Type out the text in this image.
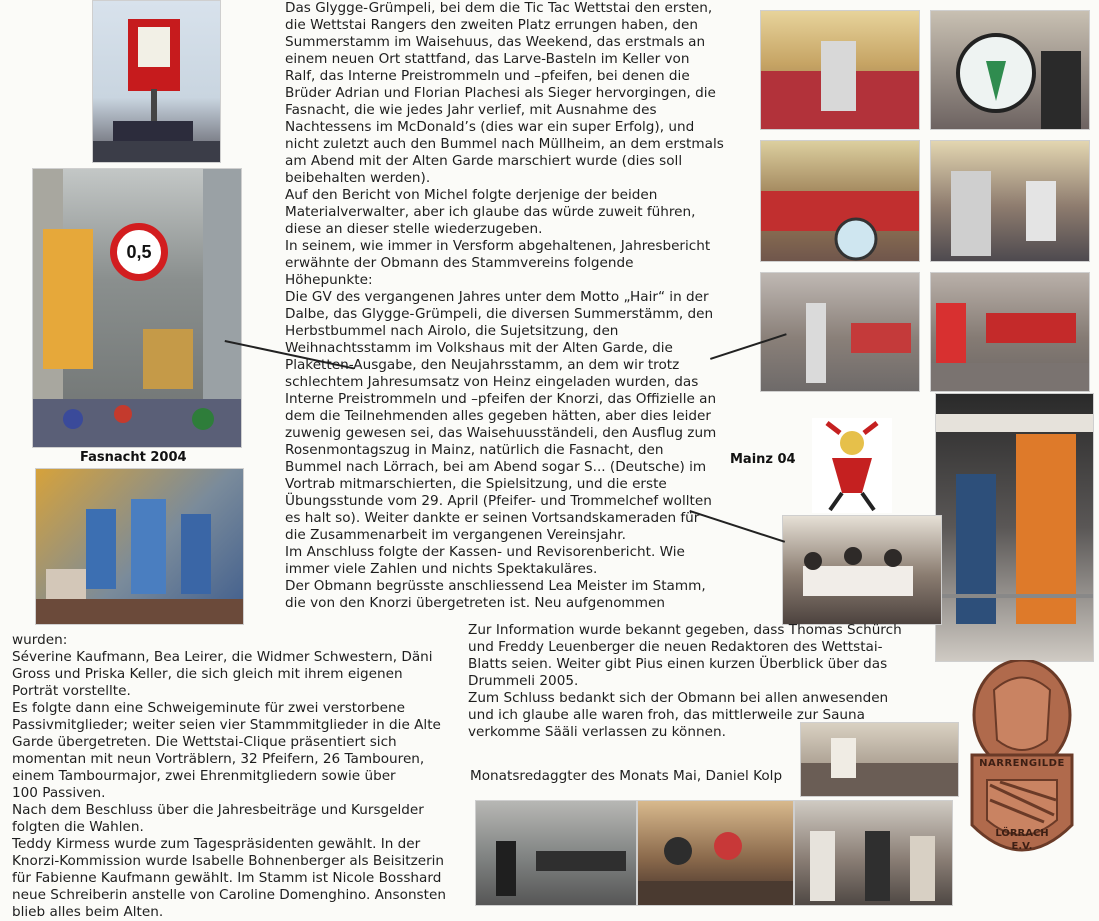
0,5
Fasnacht 2004	Mainz 04
NARRENGILDE
LÖRRACH
E.V.
Das Glygge-Grümpeli, bei dem die Tic Tac Wettstai den ersten,
die Wettstai Rangers den zweiten Platz errungen haben, den
Summerstamm im Waisehuus, das Weekend, das erstmals an
einem neuen Ort stattfand, das Larve-Basteln im Keller von
Ralf, das Interne Preistrommeln und –pfeifen, bei denen die
Brüder Adrian und Florian Plachesi als Sieger hervorgingen, die
Fasnacht, die wie jedes Jahr verlief, mit Ausnahme des
Nachtessens im McDonald’s (dies war ein super Erfolg), und
nicht zuletzt auch den Bummel nach Müllheim, an dem erstmals
am Abend mit der Alten Garde marschiert wurde (dies soll
beibehalten werden).
Auf den Bericht von Michel folgte derjenige der beiden
Materialverwalter, aber ich glaube das würde zuweit führen,
diese an dieser stelle wiederzugeben.
In seinem, wie immer in Versform abgehaltenen, Jahresbericht
erwähnte der Obmann des Stammvereins folgende
Höhepunkte:
Die GV des vergangenen Jahres unter dem Motto „Hair“ in der
Dalbe, das Glygge-Grümpeli, die diversen Summerstämm, den
Herbstbummel nach Airolo, die Sujetsitzung, den
Weihnachtsstamm im Volkshaus mit der Alten Garde, die
Plaketten-Ausgabe, den Neujahrsstamm, an dem wir trotz
schlechtem Jahresumsatz von Heinz eingeladen wurden, das
Interne Preistrommeln und –pfeifen der Knorzi, das Offizielle an
dem die Teilnehmenden alles gegeben hätten, aber dies leider
zuwenig gewesen sei, das Waisehuusständeli, den Ausflug zum
Rosenmontagszug in Mainz, natürlich die Fasnacht, den
Bummel nach Lörrach, bei am Abend sogar S... (Deutsche) im
Vortrab mitmarschierten, die Spielsitzung, und die erste
Übungsstunde vom 29. April (Pfeifer- und Trommelchef wollten
es halt so). Weiter dankte er seinen Vortsandskameraden für
die Zusammenarbeit im vergangenen Vereinsjahr.
Im Anschluss folgte der Kassen- und Revisorenbericht. Wie
immer viele Zahlen und nichts Spektakuläres.
Der Obmann begrüsste anschliessend Lea Meister im Stamm,
die von den Knorzi übergetreten ist. Neu aufgenommen
wurden:
Séverine Kaufmann, Bea Leirer, die Widmer Schwestern, Däni
Gross und Priska Keller, die sich gleich mit ihrem eigenen
Porträt vorstellte.
Es folgte dann eine Schweigeminute für zwei verstorbene
Passivmitglieder; weiter seien vier Stammmitglieder in die Alte
Garde übergetreten. Die Wettstai-Clique präsentiert sich
momentan mit neun Vorträblern, 32 Pfeifern, 26 Tambouren,
einem Tambourmajor, zwei Ehrenmitgliedern sowie über
100 Passiven.
Nach dem Beschluss über die Jahresbeiträge und Kursgelder
folgten die Wahlen.
Teddy Kirmess wurde zum Tagespräsidenten gewählt. In der
Knorzi-Kommission wurde Isabelle Bohnenberger als Beisitzerin
für Fabienne Kaufmann gewählt. Im Stamm ist Nicole Bosshard
neue Schreiberin anstelle von Caroline Domenghino. Ansonsten
blieb alles beim Alten.
Zur Information wurde bekannt gegeben, dass Thomas Schürch
und Freddy Leuenberger die neuen Redaktoren des Wettstai-
Blatts seien. Weiter gibt Pius einen kurzen Überblick über das
Drummeli 2005.
Zum Schluss bedankt sich der Obmann bei allen anwesenden
und ich glaube alle waren froh, das mittlerweile zur Sauna
verkomme Sääli verlassen zu können.
Monatsredaggter des Monats Mai, Daniel Kolp
